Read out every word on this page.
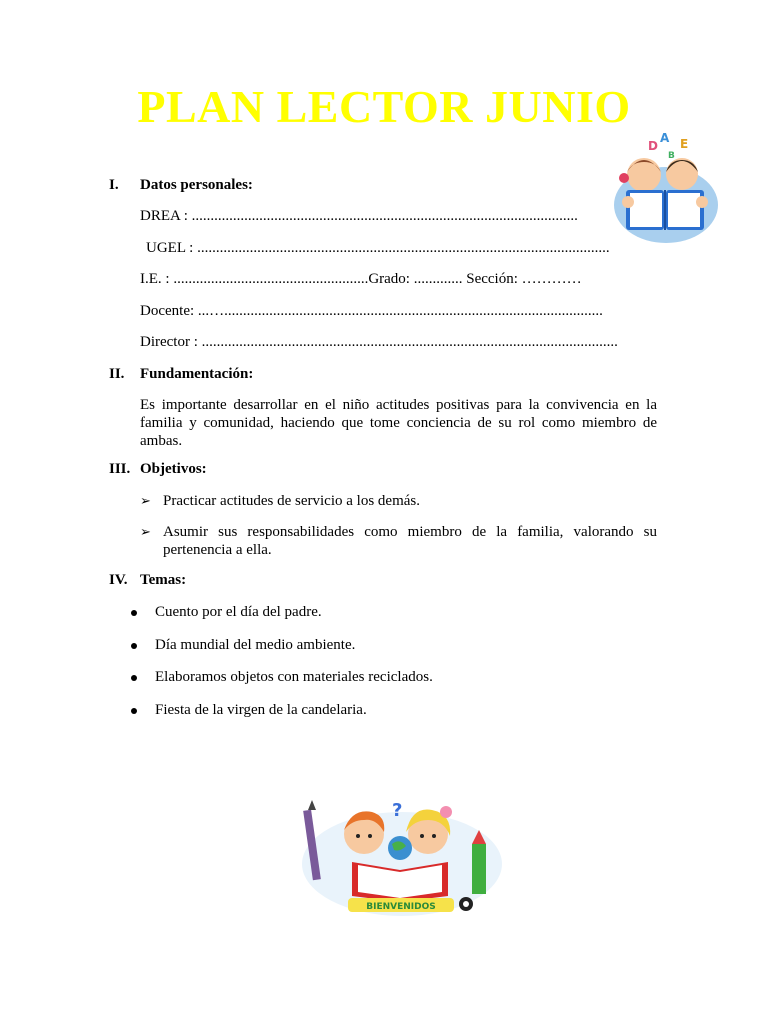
PLAN LECTOR JUNIO
D
A E
B
I. Datos personales:
DREA : .......................................................................................................
UGEL : ..............................................................................................................
I.E. : ....................................................Grado: ............. Sección: …………
Docente: ...….....................................................................................................
Director : ...............................................................................................................
II. Fundamentación:
Es importante desarrollar en el niño actitudes positivas para la convivencia en la familia y comunidad, haciendo que tome conciencia de su rol como miembro de ambas.
III. Objetivos:
➢ Practicar actitudes de servicio a los demás.
➢ Asumir sus responsabilidades como miembro de la familia, valorando su pertenencia a ella.
IV. Temas:
Cuento por el día del padre.
Día mundial del medio ambiente.
Elaboramos objetos con materiales reciclados.
Fiesta de la virgen de la candelaria.
?
BIENVENIDOS
